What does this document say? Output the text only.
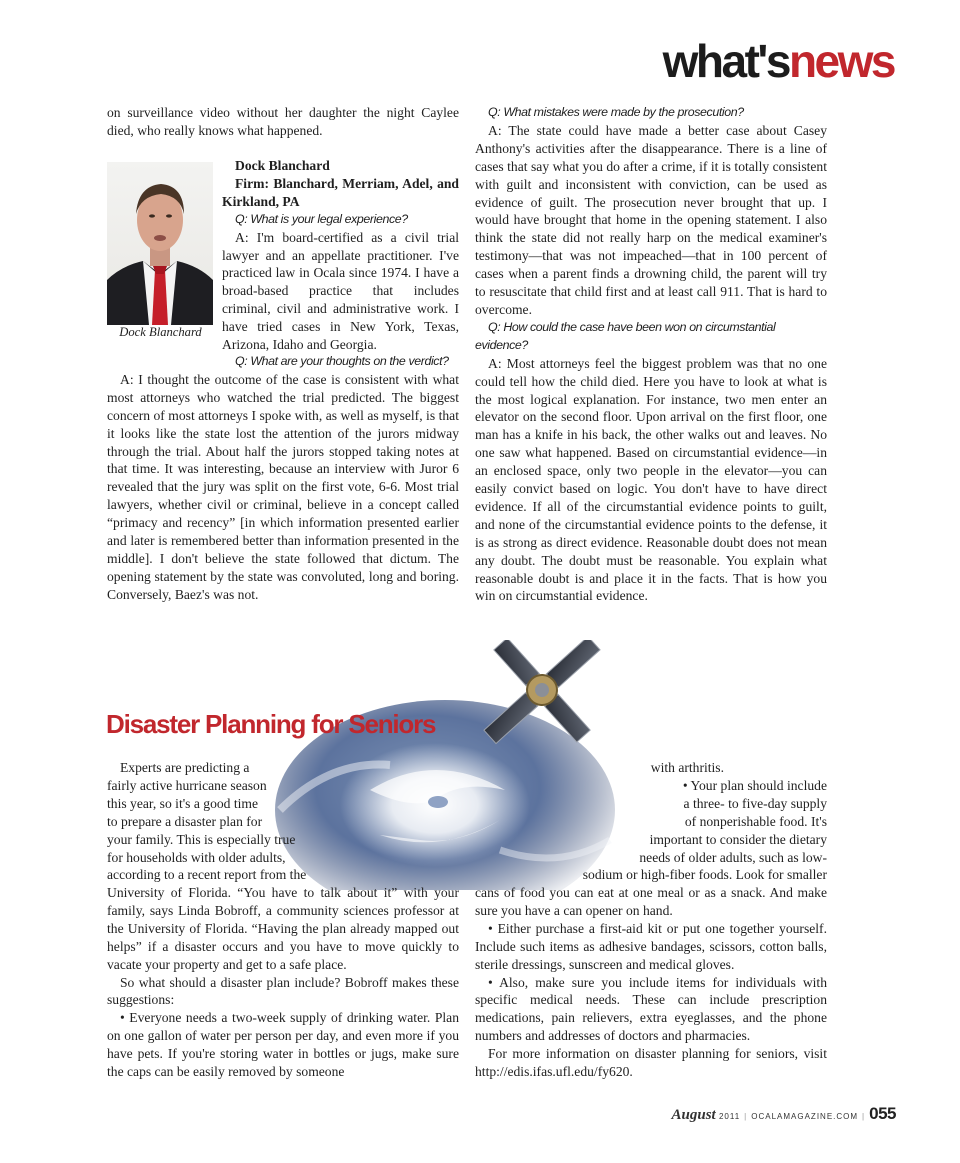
what'snews

on surveillance video without her daughter the night Caylee died, who really knows what happened.

Dock Blanchard

Dock Blanchard

Firm: Blanchard, Merriam, Adel, and Kirkland, PA

Q: What is your legal experience?

A: I'm board-certified as a civil trial lawyer and an appellate practitioner. I've practiced law in Ocala since 1974. I have a broad-based practice that includes criminal, civil and administrative work. I have tried cases in New York, Texas, Arizona, Idaho and Georgia.

Q: What are your thoughts on the verdict?

A: I thought the outcome of the case is consistent with what most attorneys who watched the trial predicted. The biggest concern of most attorneys I spoke with, as well as myself, is that it looks like the state lost the attention of the jurors midway through the trial. About half the jurors stopped taking notes at that time. It was interesting, because an interview with Juror 6 revealed that the jury was split on the first vote, 6-6. Most trial lawyers, whether civil or criminal, believe in a concept called “primacy and recency” [in which information presented earlier and later is remembered better than information presented in the middle]. I don't believe the state followed that dictum. The opening statement by the state was convoluted, long and boring. Conversely, Baez's was not.

Q: What mistakes were made by the prosecution?

A: The state could have made a better case about Casey Anthony's activities after the disappearance. There is a line of cases that say what you do after a crime, if it is totally consistent with guilt and inconsistent with conviction, can be used as evidence of guilt. The prosecution never brought that up. I would have brought that home in the opening statement. I also think the state did not really harp on the medical examiner's testimony—that was not impeached—that in 100 percent of cases when a parent finds a drowning child, the parent will try to resuscitate that child first and at least call 911. That is hard to overcome.

Q: How could the case have been won on circumstantial evidence?

A: Most attorneys feel the biggest problem was that no one could tell how the child died. Here you have to look at what is the most logical explanation. For instance, two men enter an elevator on the second floor. Upon arrival on the first floor, one man has a knife in his back, the other walks out and leaves. No one saw what happened. Based on circumstantial evidence—in an enclosed space, only two people in the elevator—you can easily convict based on logic. You don't have to have direct evidence. If all of the circumstantial evidence points to guilt, and none of the circumstantial evidence points to the defense, it is as strong as direct evidence. Reasonable doubt does not mean any doubt. The doubt must be reasonable. You explain what reasonable doubt is and place it in the facts. That is how you win on circumstantial evidence.

Disaster Planning for Seniors
Experts are predicting a
fairly active hurricane season
this year, so it's a good time
to prepare a disaster plan for
your family. This is especially true
for households with older adults,
according to a recent report from the

University of Florida. “You have to talk about it” with your family, says Linda Bobroff, a community sciences professor at the University of Florida. “Having the plan already mapped out helps” if a disaster occurs and you have to move quickly to vacate your property and get to a safe place.

So what should a disaster plan include? Bobroff makes these suggestions:

• Everyone needs a two-week supply of drinking water. Plan on one gallon of water per person per day, and even more if you have pets. If you're storing water in bottles or jugs, make sure the caps can be easily removed by someone

with arthritis.
• Your plan should include
a three- to five-day supply
of nonperishable food. It's
important to consider the dietary
needs of older adults, such as low-
sodium or high-fiber foods. Look for smaller

cans of food you can eat at one meal or as a snack. And make sure you have a can opener on hand.

• Either purchase a first-aid kit or put one together yourself. Include such items as adhesive bandages, scissors, cotton balls, sterile dressings, sunscreen and medical gloves.

• Also, make sure you include items for individuals with specific medical needs. These can include prescription medications, pain relievers, extra eyeglasses, and the phone numbers and addresses of doctors and pharmacies.

For more information on disaster planning for seniors, visit http://edis.ifas.ufl.edu/fy620.

August 2011 | OCALAMAGAZINE.COM | 055
